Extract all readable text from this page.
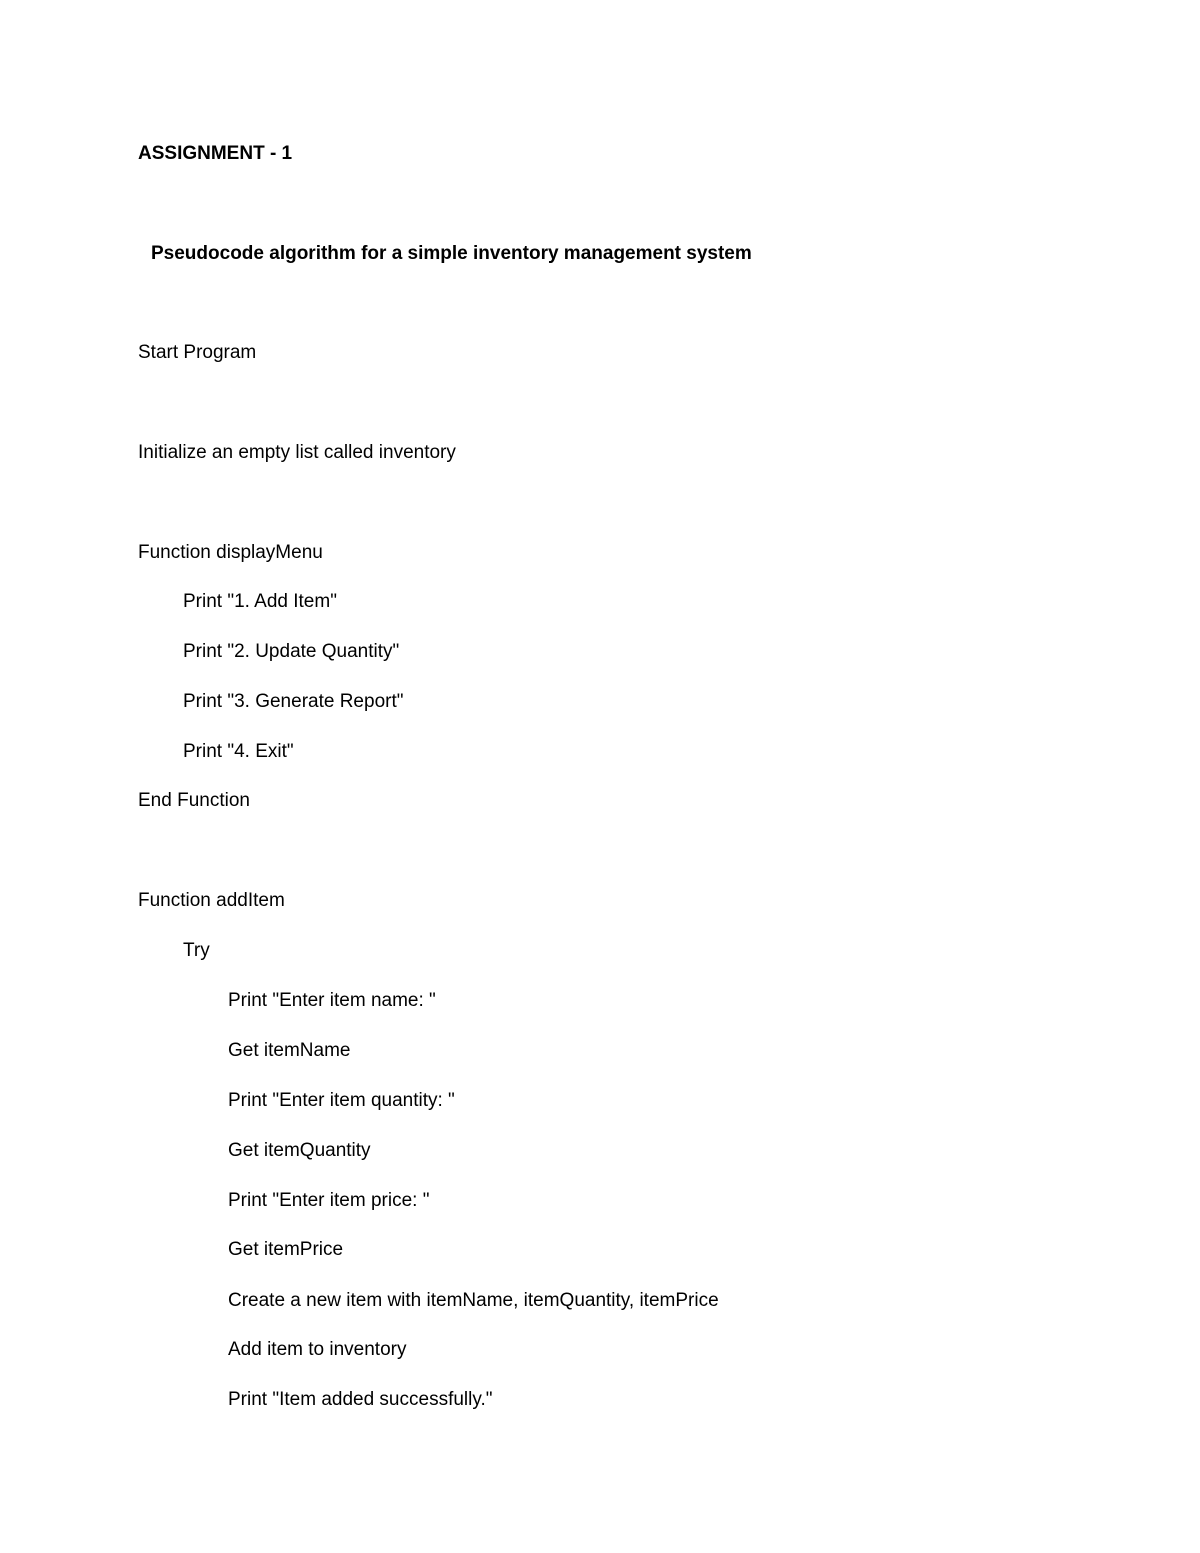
ASSIGNMENT - 1
Pseudocode algorithm for a simple inventory management system
Start Program
Initialize an empty list called inventory
Function displayMenu
Print "1. Add Item"
Print "2. Update Quantity"
Print "3. Generate Report"
Print "4. Exit"
End Function
Function addItem
Try
Print "Enter item name: "
Get itemName
Print "Enter item quantity: "
Get itemQuantity
Print "Enter item price: "
Get itemPrice
Create a new item with itemName, itemQuantity, itemPrice
Add item to inventory
Print "Item added successfully."
